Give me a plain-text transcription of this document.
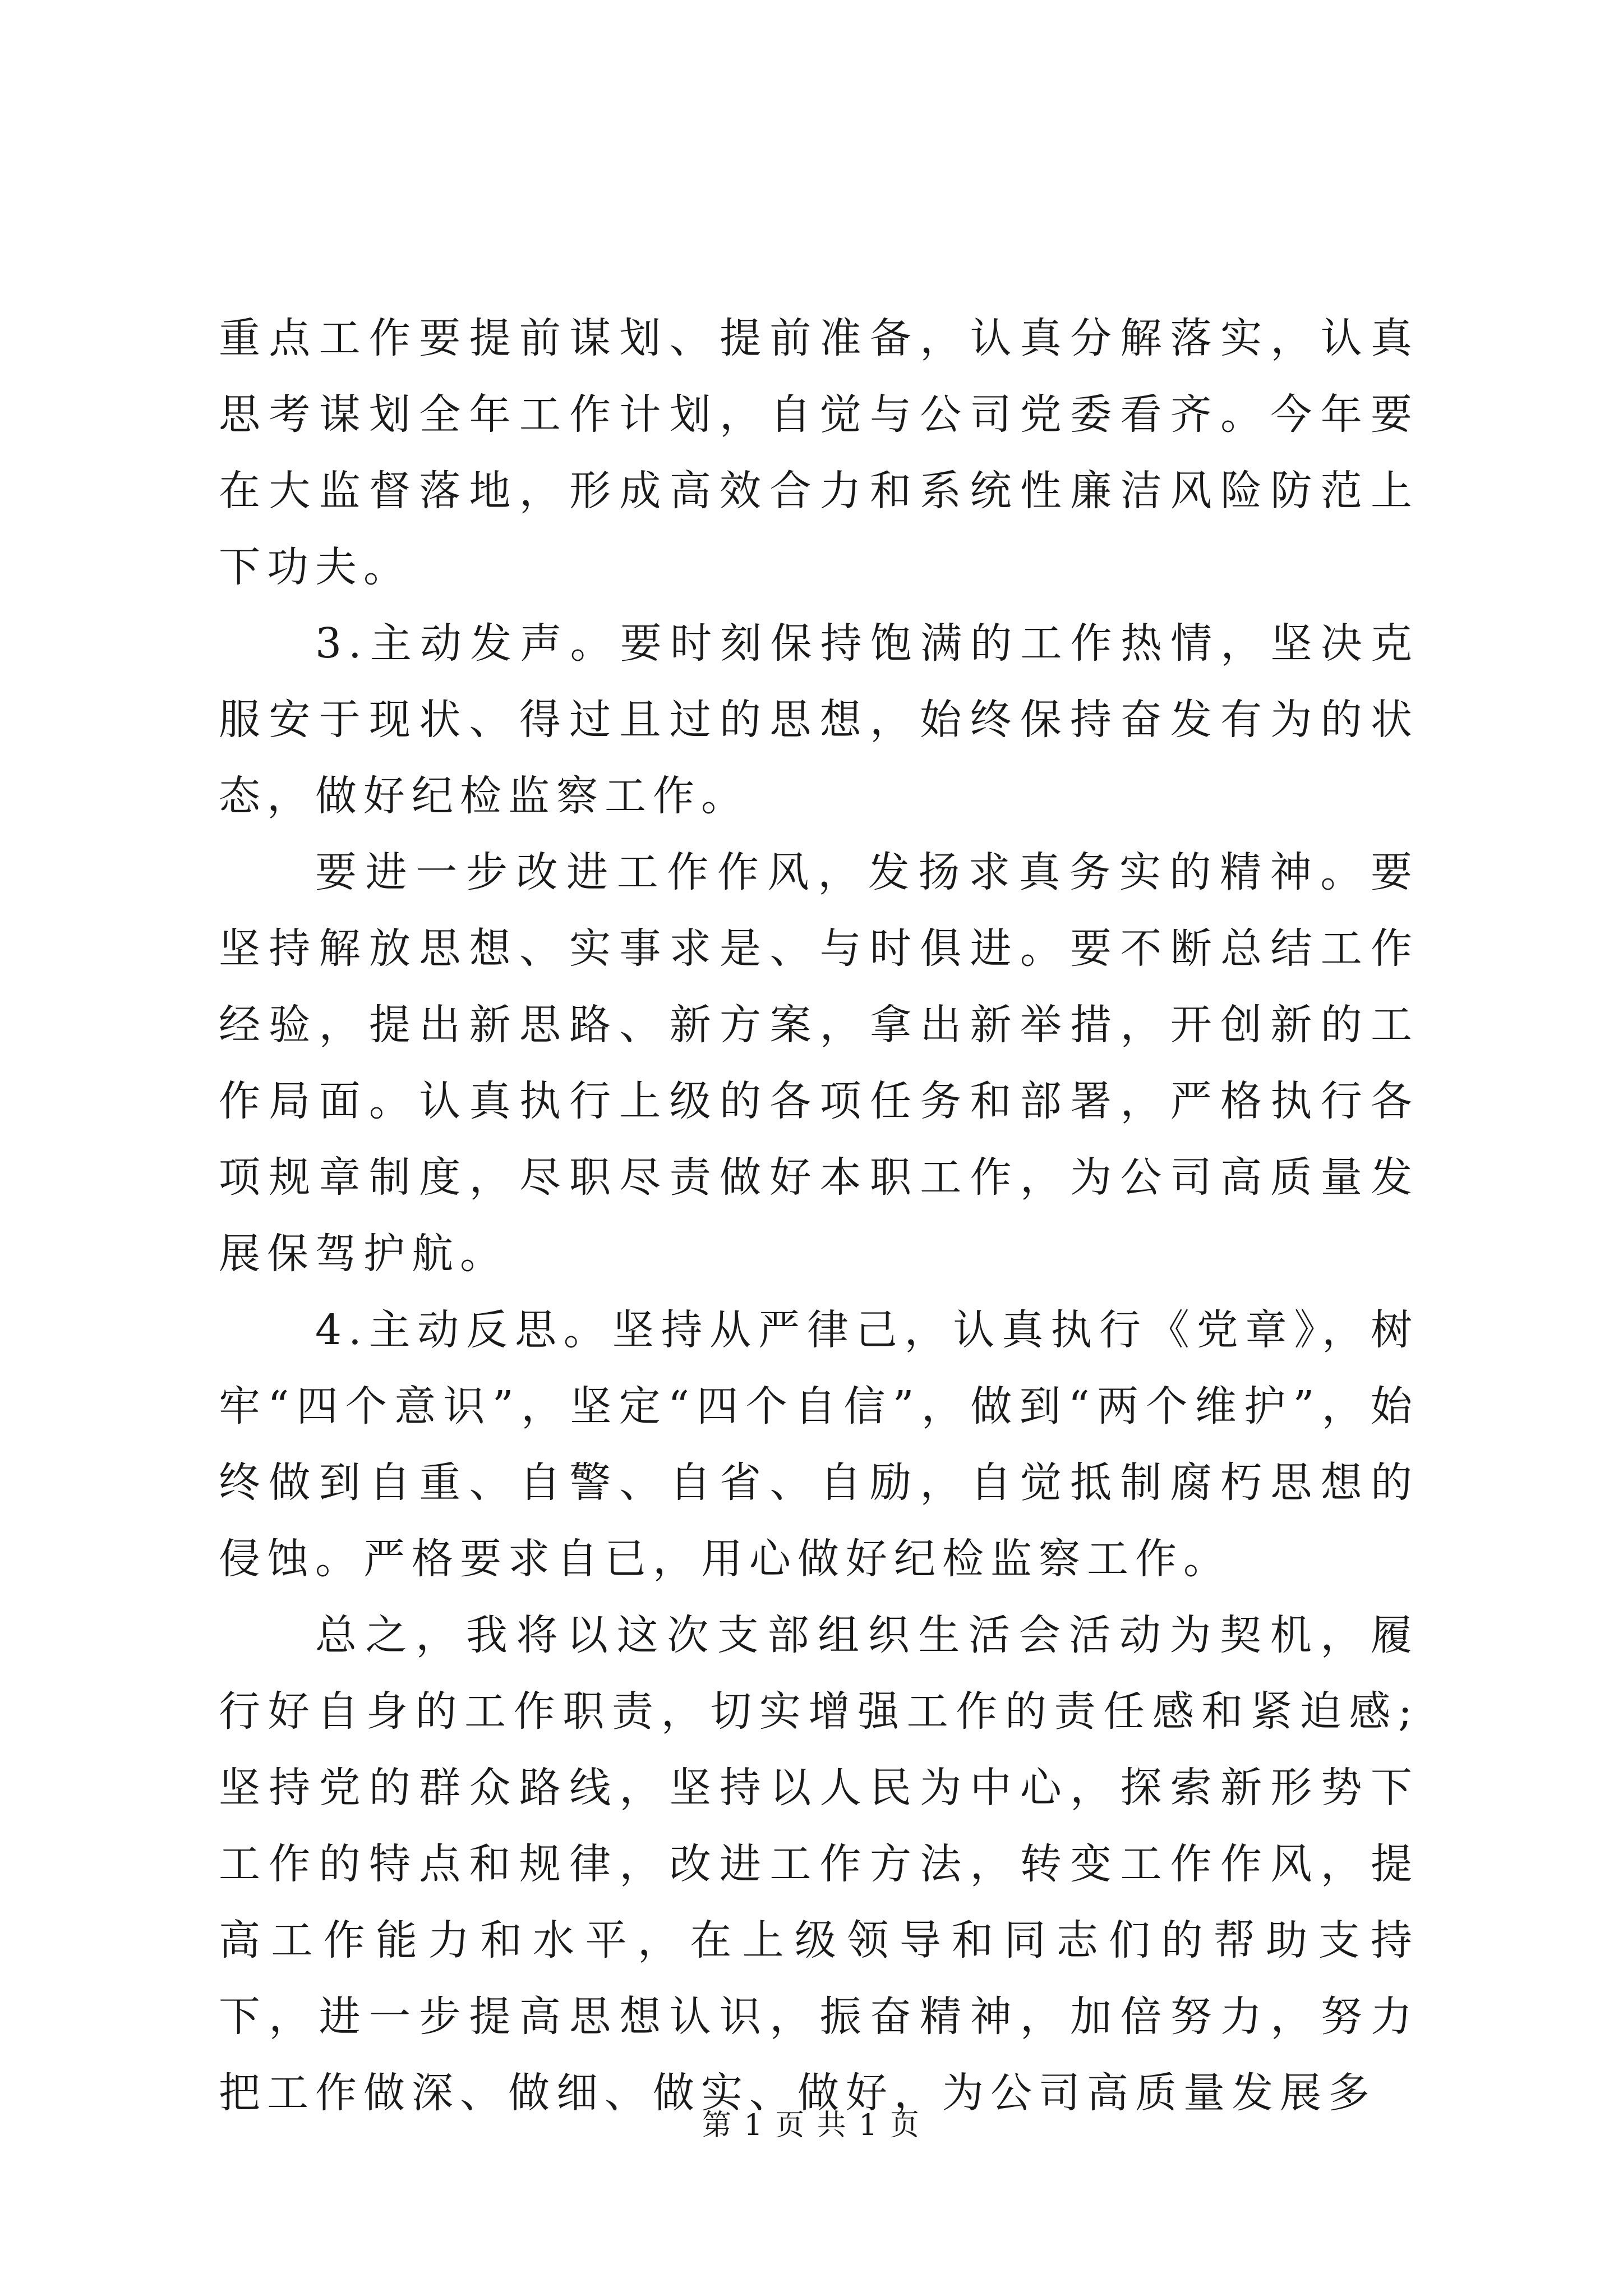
重点工作要提前谋划、提前准备，认真分解落实，认真思考谋划全年工作计划，自觉与公司党委看齐。今年要在大监督落地，形成高效合力和系统性廉洁风险防范上下功夫。

3.主动发声。要时刻保持饱满的工作热情，坚决克服安于现状、得过且过的思想，始终保持奋发有为的状态，做好纪检监察工作。

要进一步改进工作作风，发扬求真务实的精神。要坚持解放思想、实事求是、与时俱进。要不断总结工作经验，提出新思路、新方案，拿出新举措，开创新的工作局面。认真执行上级的各项任务和部署，严格执行各项规章制度，尽职尽责做好本职工作，为公司高质量发展保驾护航。

4.主动反思。坚持从严律己，认真执行《党章》，树牢“四个意识”，坚定“四个自信”，做到“两个维护”，始终做到自重、自警、自省、自励，自觉抵制腐朽思想的侵蚀。严格要求自已，用心做好纪检监察工作。

总之，我将以这次支部组织生活会活动为契机，履行好自身的工作职责，切实增强工作的责任感和紧迫感;坚持党的群众路线，坚持以人民为中心，探索新形势下工作的特点和规律，改进工作方法，转变工作作风，提高工作能力和水平，在上级领导和同志们的帮助支持下，进一步提高思想认识，振奋精神，加倍努力，努力把工作做深、做细、做实、做好，为公司高质量发展多

第 1 页 共 1 页
